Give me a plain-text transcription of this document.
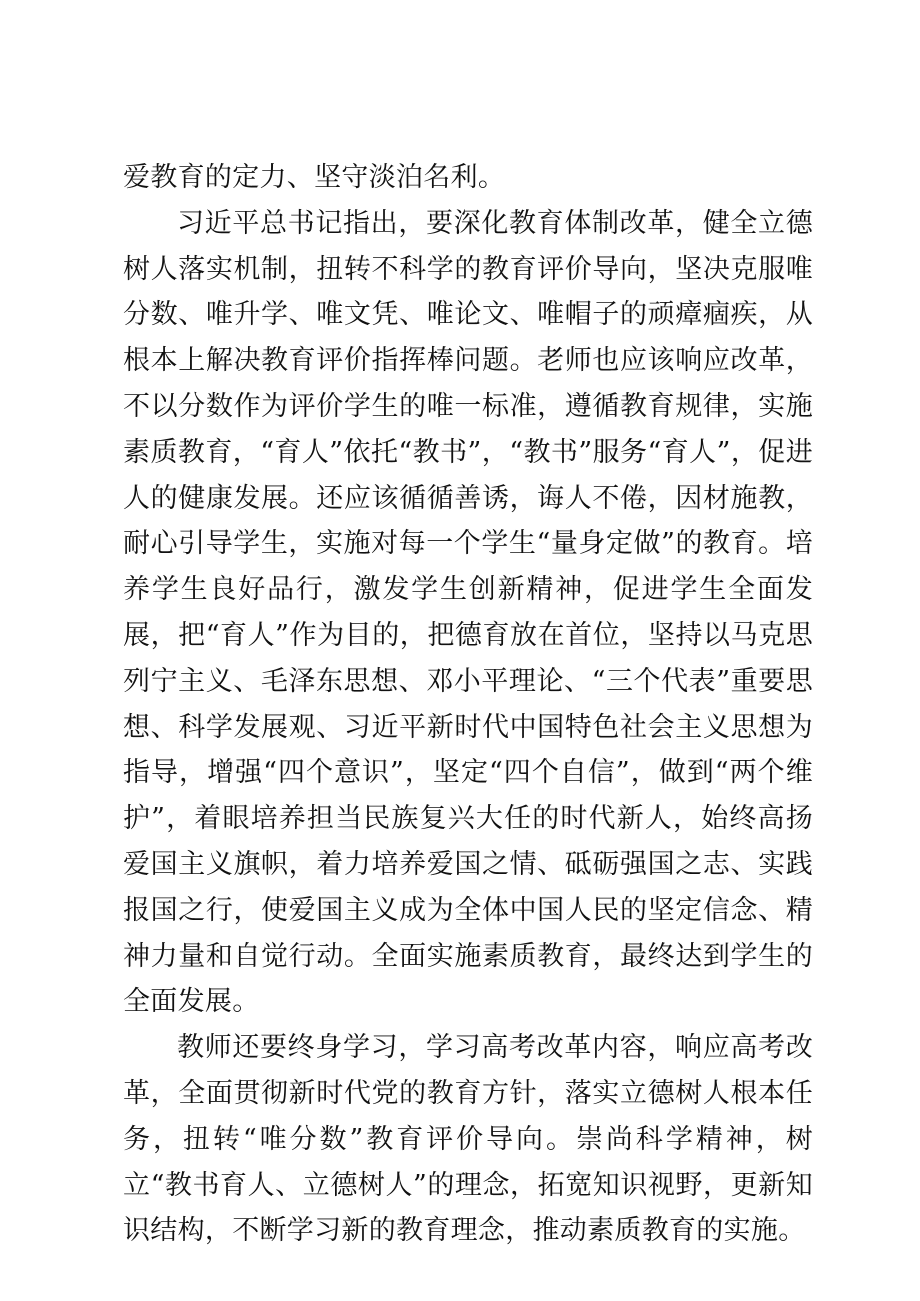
爱教育的定力、坚守淡泊名利。

习近平总书记指出，要深化教育体制改革，健全立德树人落实机制，扭转不科学的教育评价导向，坚决克服唯分数、唯升学、唯文凭、唯论文、唯帽子的顽瘴痼疾，从根本上解决教育评价指挥棒问题。老师也应该响应改革，不以分数作为评价学生的唯一标准，遵循教育规律，实施素质教育，“育人”依托“教书”，“教书”服务“育人”，促进人的健康发展。还应该循循善诱，诲人不倦，因材施教，耐心引导学生，实施对每一个学生“量身定做”的教育。培养学生良好品行，激发学生创新精神，促进学生全面发展，把“育人”作为目的，把德育放在首位，坚持以马克思列宁主义、毛泽东思想、邓小平理论、“三个代表”重要思想、科学发展观、习近平新时代中国特色社会主义思想为指导，增强“四个意识”，坚定“四个自信”，做到“两个维护”，着眼培养担当民族复兴大任的时代新人，始终高扬爱国主义旗帜，着力培养爱国之情、砥砺强国之志、实践报国之行，使爱国主义成为全体中国人民的坚定信念、精神力量和自觉行动。全面实施素质教育，最终达到学生的全面发展。

教师还要终身学习，学习高考改革内容，响应高考改革，全面贯彻新时代党的教育方针，落实立德树人根本任务，扭转“唯分数”教育评价导向。崇尚科学精神，树立“教书育人、立德树人”的理念，拓宽知识视野，更新知识结构，不断学习新的教育理念，推动素质教育的实施。
